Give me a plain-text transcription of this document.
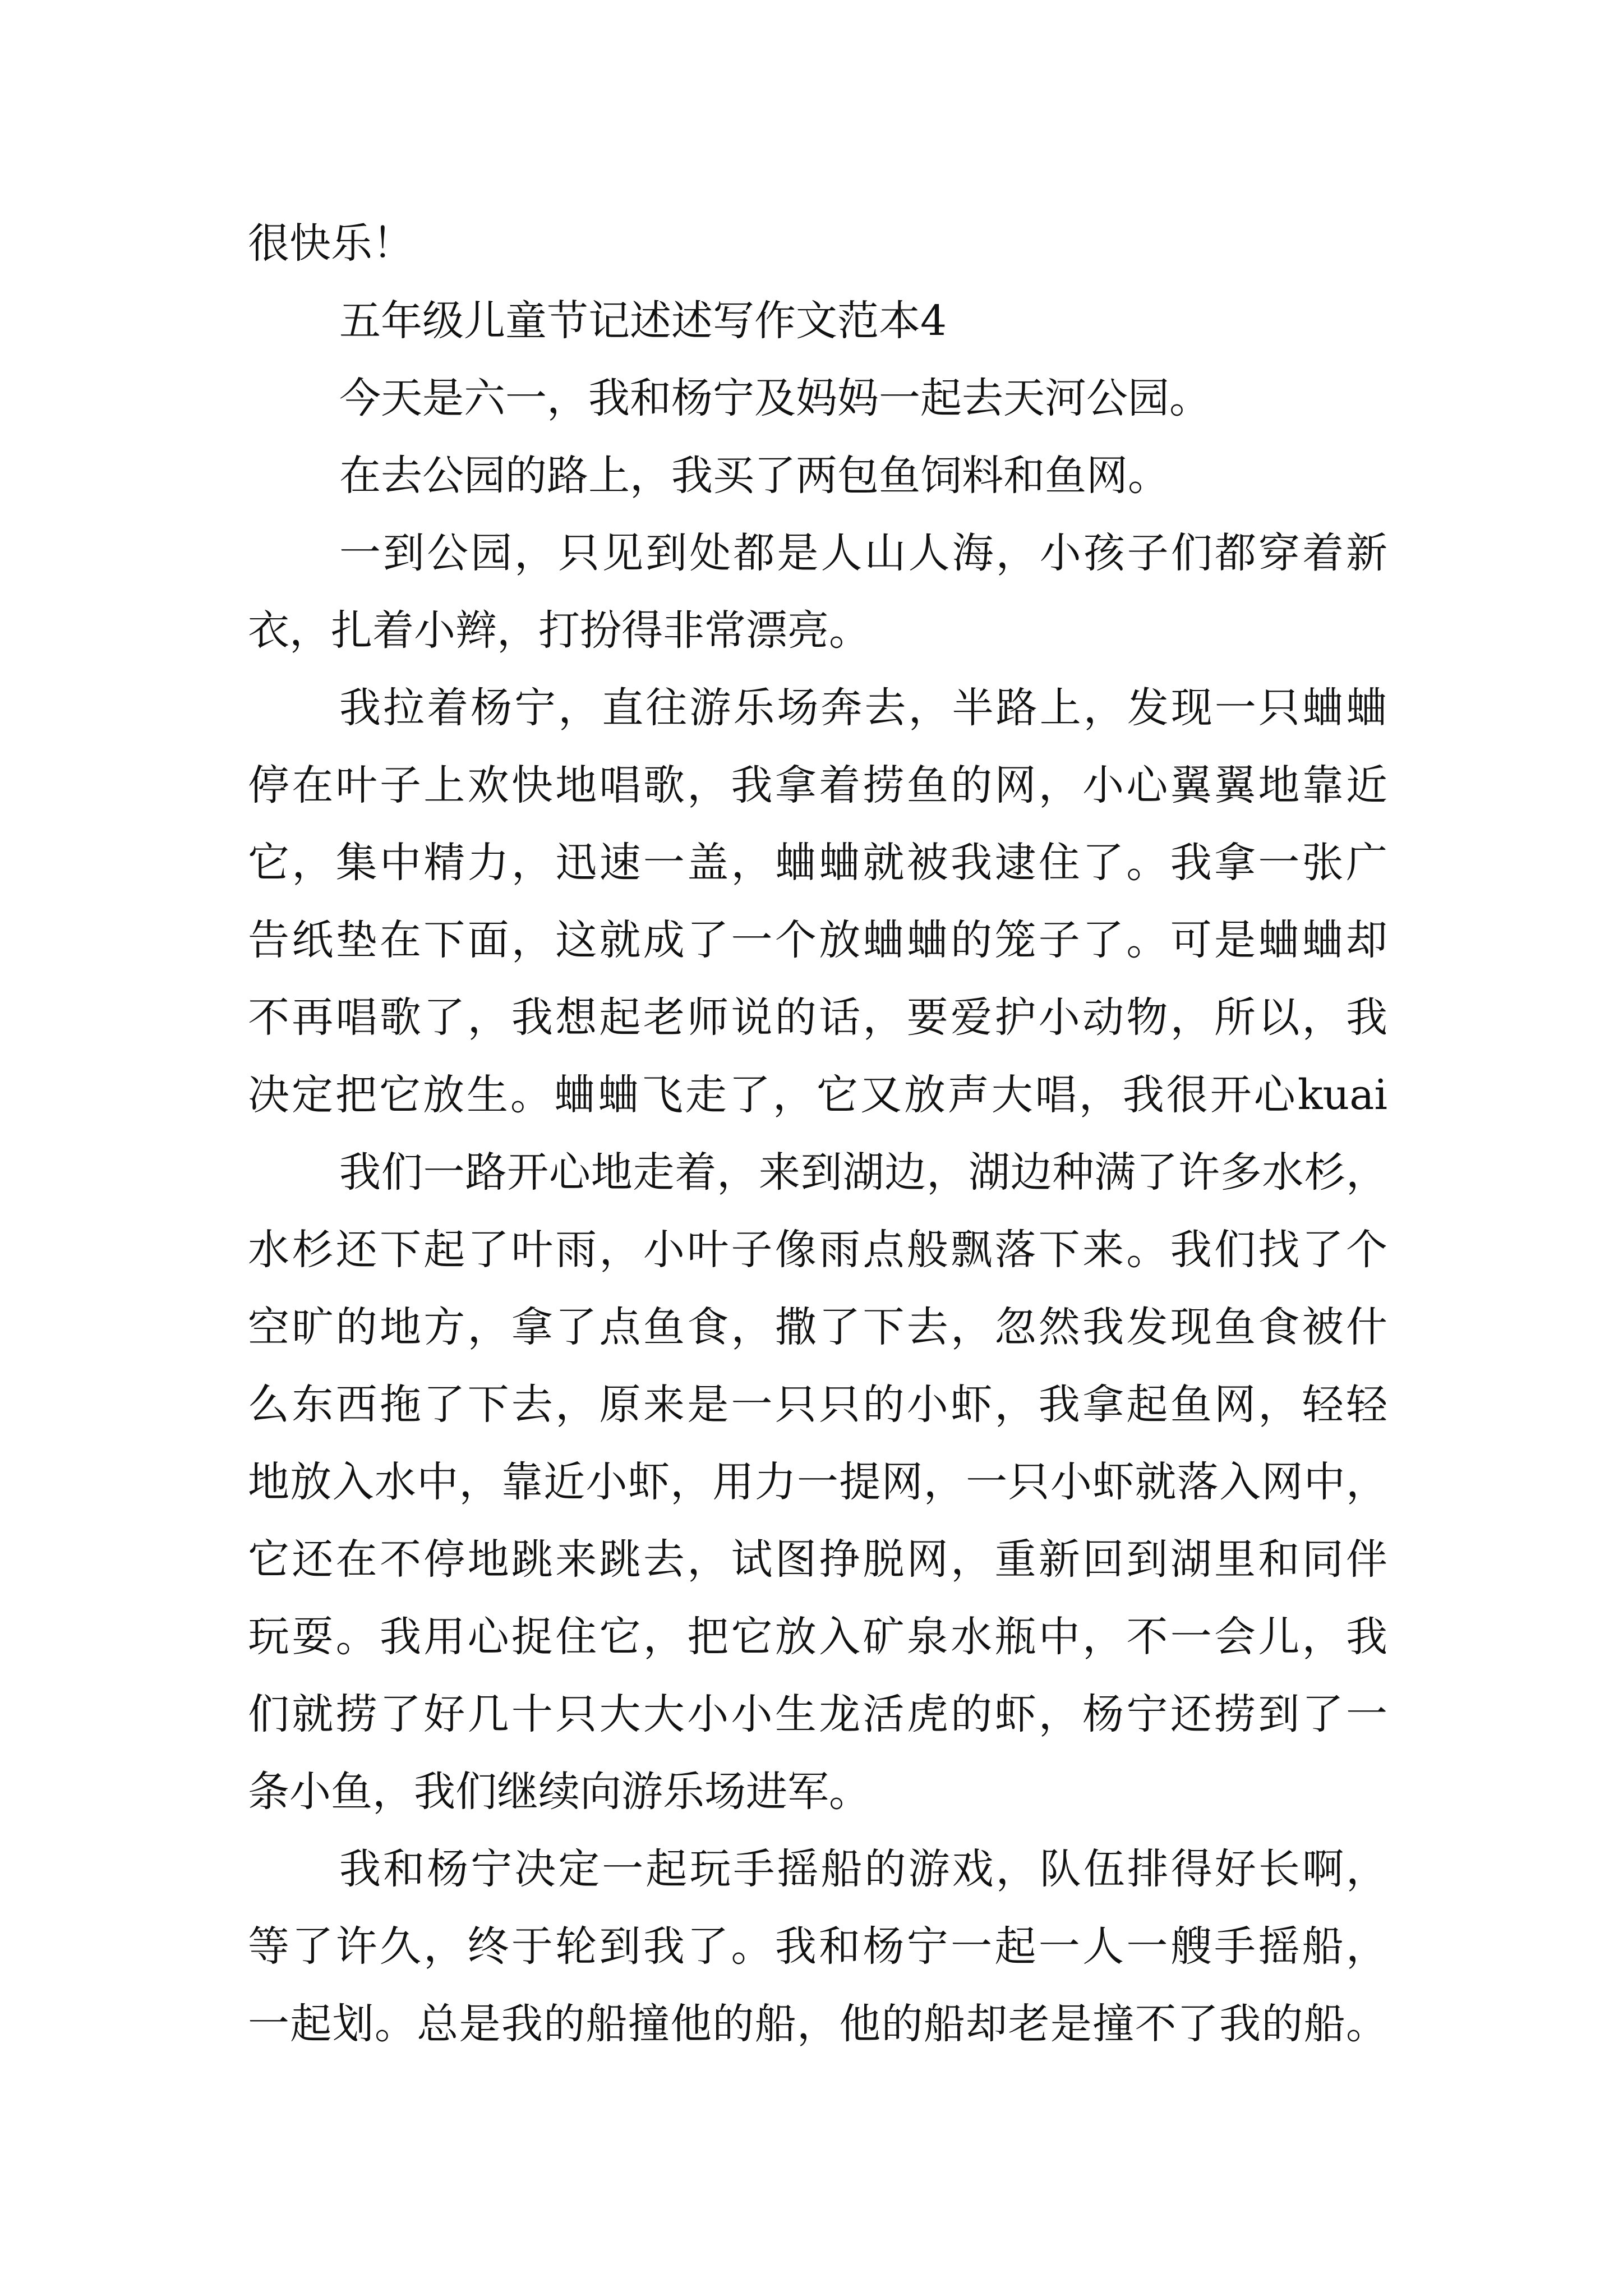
很快乐！
五年级儿童节记述述写作文范本4
今天是六一，我和杨宁及妈妈一起去天河公园。
在去公园的路上，我买了两包鱼饲料和鱼网。
一到公园，只见到处都是人山人海，小孩子们都穿着新
衣，扎着小辫，打扮得非常漂亮。
我拉着杨宁，直往游乐场奔去，半路上，发现一只蛐蛐
停在叶子上欢快地唱歌，我拿着捞鱼的网，小心翼翼地靠近
它，集中精力，迅速一盖，蛐蛐就被我逮住了。我拿一张广
告纸垫在下面，这就成了一个放蛐蛐的笼子了。可是蛐蛐却
不再唱歌了，我想起老师说的话，要爱护小动物，所以，我
决定把它放生。蛐蛐飞走了，它又放声大唱，我很开心kuai
我们一路开心地走着，来到湖边，湖边种满了许多水杉，
水杉还下起了叶雨，小叶子像雨点般飘落下来。我们找了个
空旷的地方，拿了点鱼食，撒了下去，忽然我发现鱼食被什
么东西拖了下去，原来是一只只的小虾，我拿起鱼网，轻轻
地放入水中，靠近小虾，用力一提网，一只小虾就落入网中，
它还在不停地跳来跳去，试图挣脱网，重新回到湖里和同伴
玩耍。我用心捉住它，把它放入矿泉水瓶中，不一会儿，我
们就捞了好几十只大大小小生龙活虎的虾，杨宁还捞到了一
条小鱼，我们继续向游乐场进军。
我和杨宁决定一起玩手摇船的游戏，队伍排得好长啊，
等了许久，终于轮到我了。我和杨宁一起一人一艘手摇船，
一起划。总是我的船撞他的船，他的船却老是撞不了我的船。
